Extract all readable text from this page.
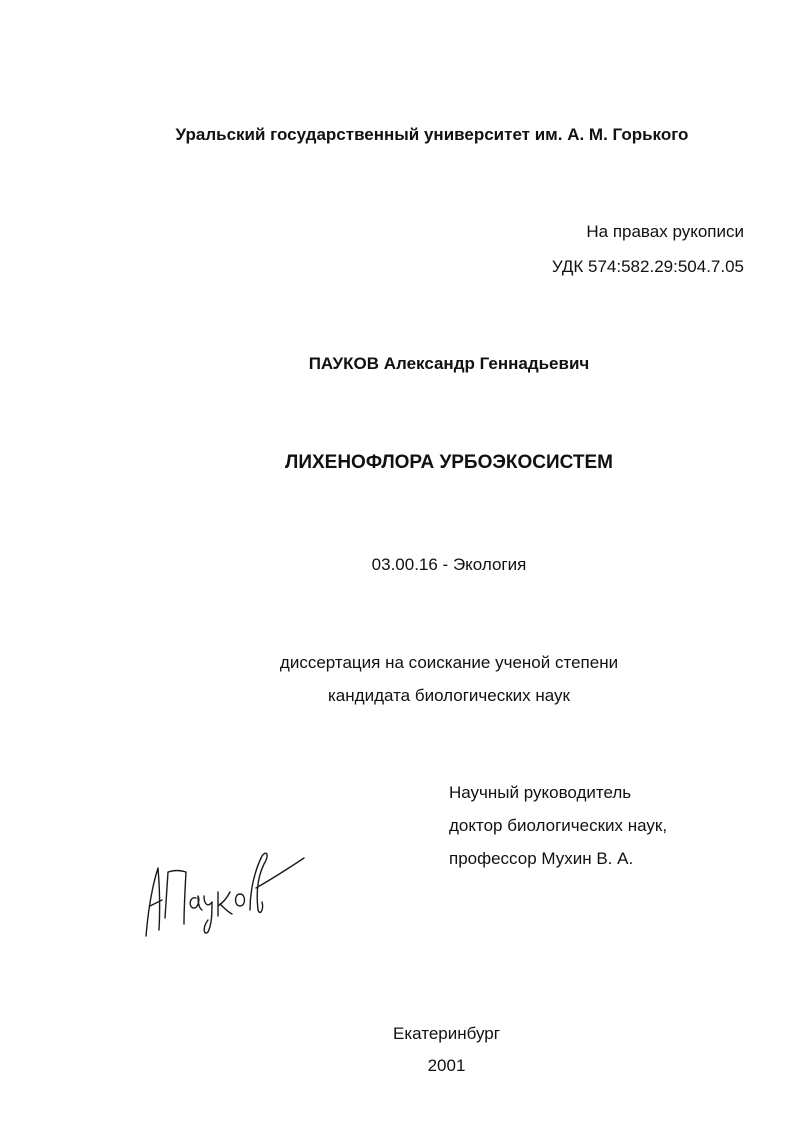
Уральский государственный университет им. А. М. Горького
На правах рукописи
УДК 574:582.29:504.7.05
ПАУКОВ Александр Геннадьевич
ЛИХЕНОФЛОРА УРБОЭКОСИСТЕМ
03.00.16 - Экология
диссертация на соискание ученой степени
кандидата биологических наук
Научный руководитель
доктор биологических наук,
профессор Мухин В. А.
Екатеринбург
2001
